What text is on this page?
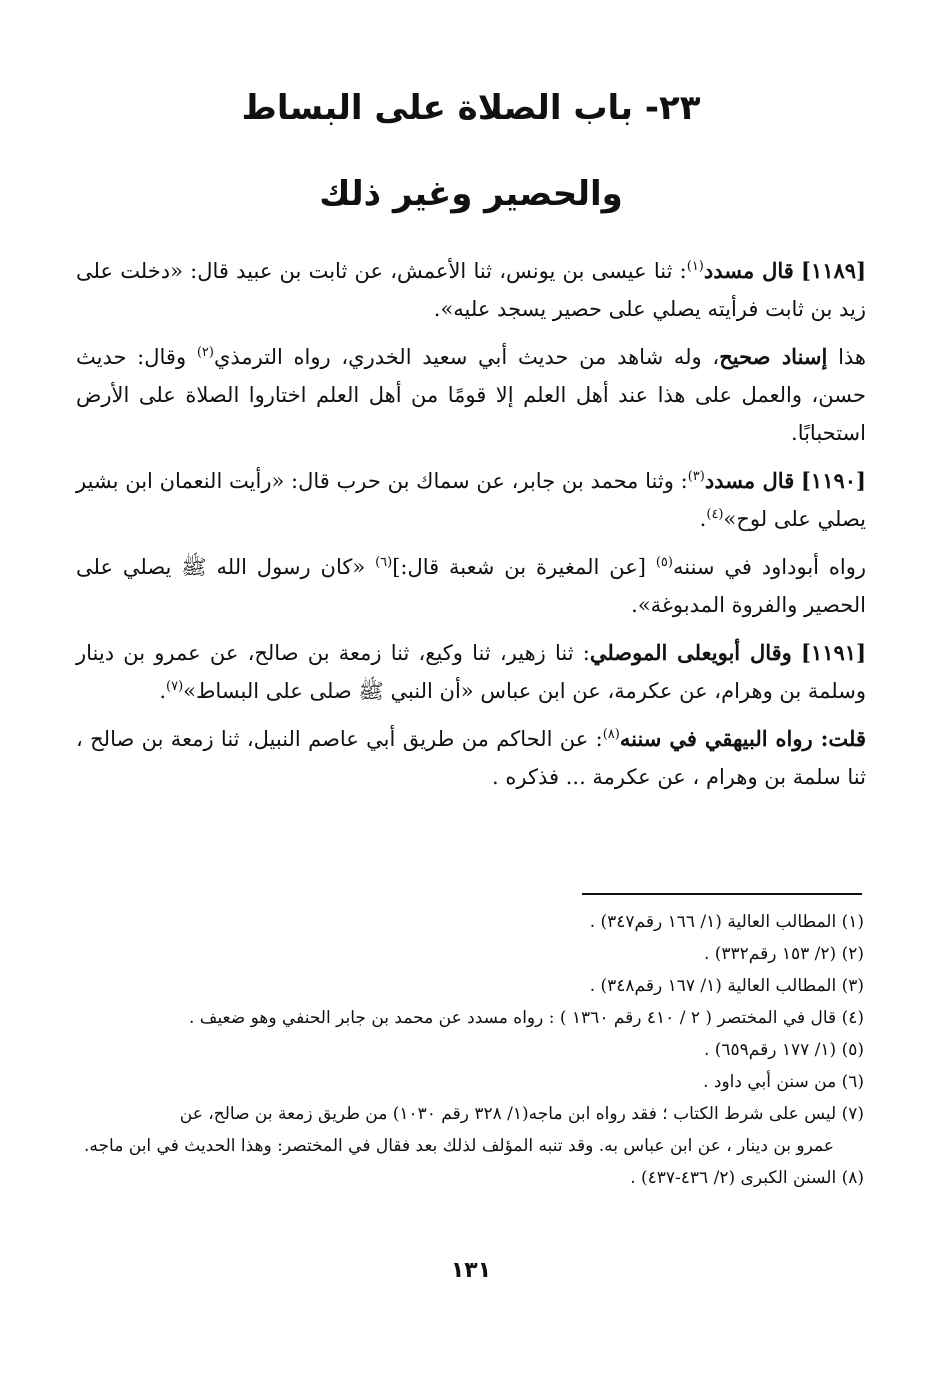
٢٣- باب الصلاة على البساط
والحصير وغير ذلك

[١١٨٩] قال مسدد$^{(١)}$: ثنا عيسى بن يونس، ثنا الأعمش، عن ثابت بن عبيد قال: «دخلت على زيد بن ثابت فرأيته يصلي على حصير يسجد عليه».

هذا إسناد صحيح، وله شاهد من حديث أبي سعيد الخدري، رواه الترمذي$^{(٢)}$ وقال: حديث حسن، والعمل على هذا عند أهل العلم إلا قومًا من أهل العلم اختاروا الصلاة على الأرض استحبابًا.

[١١٩٠] قال مسدد$^{(٣)}$: وثنا محمد بن جابر، عن سماك بن حرب قال: «رأيت النعمان ابن بشير يصلي على لوح»$^{(٤)}$.

رواه أبوداود في سننه$^{(٥)}$ [عن المغيرة بن شعبة قال:]$^{(٦)}$ «كان رسول الله ﷺ يصلي على الحصير والفروة المدبوغة».

[١١٩١] وقال أبويعلى الموصلي: ثنا زهير، ثنا وكيع، ثنا زمعة بن صالح، عن عمرو بن دينار وسلمة بن وهرام، عن عكرمة، عن ابن عباس «أن النبي ﷺ صلى على البساط»$^{(٧)}$.

قلت: رواه البيهقي في سننه$^{(٨)}$: عن الحاكم من طريق أبي عاصم النبيل، ثنا زمعة بن صالح ، ثنا سلمة بن وهرام ، عن عكرمة ... فذكره .

(١) المطالب العالية (١/ ١٦٦ رقم٣٤٧) .
(٢) (٢/ ١٥٣ رقم٣٣٢) .
(٣) المطالب العالية (١/ ١٦٧ رقم٣٤٨) .
(٤) قال في المختصر ( ٢ / ٤١٠ رقم ١٣٦٠ ) : رواه مسدد عن محمد بن جابر الحنفي وهو ضعيف .
(٥) (١/ ١٧٧ رقم٦٥٩) .
(٦) من سنن أبي داود .
(٧) ليس على شرط الكتاب ؛ فقد رواه ابن ماجه(١/ ٣٢٨ رقم ١٠٣٠) من طريق زمعة بن صالح، عن
عمرو بن دينار ، عن ابن عباس به. وقد تنبه المؤلف لذلك بعد فقال في المختصر: وهذا الحديث في ابن ماجه.
(٨) السنن الكبرى (٢/ ٤٣٦-٤٣٧) .
١٣١
